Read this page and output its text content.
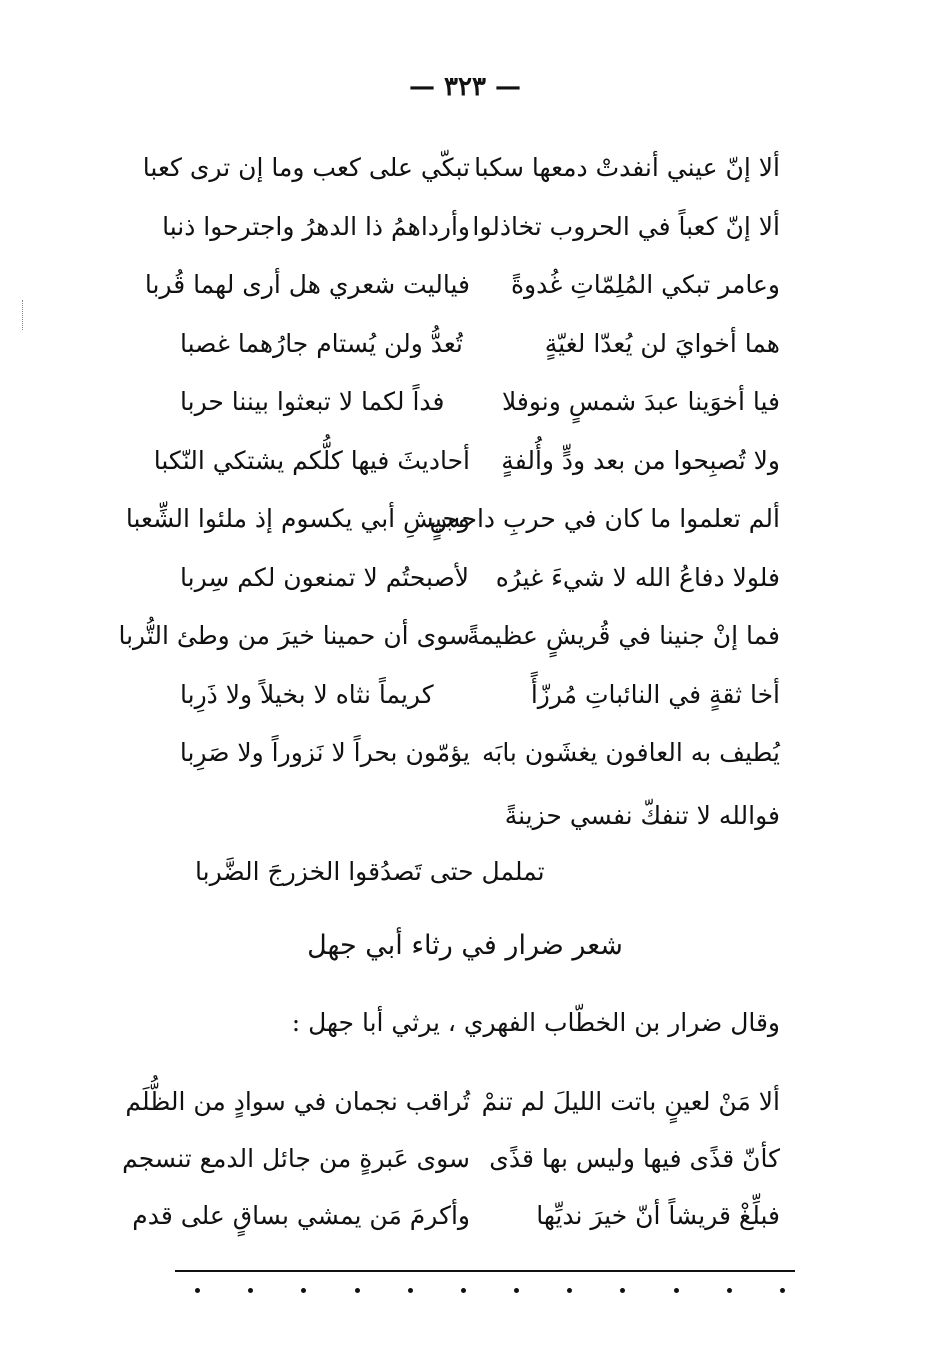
— ٣٢٣ —
ألا إنّ عيني أنفدتْ دمعها سكبا
تبكّي على كعب وما إن ترى كعبا
ألا إنّ كعباً في الحروب تخاذلوا
وأرداهمُ ذا الدهرُ واجترحوا ذنبا
وعامر تبكي المُلِمّاتِ غُدوةً
فياليت شعري هل أرى لهما قُربا
هما أخوايَ لن يُعدّا لغيّةٍ
تُعدُّ ولن يُستام جارُهما غصبا
فيا أخوَينا عبدَ شمسٍ ونوفلا
فداً لكما لا تبعثوا بيننا حربا
ولا تُصبِحوا من بعد ودٍّ وأُلفةٍ
أحاديثَ فيها كلُّكم يشتكي النّكبا
ألم تعلموا ما كان في حربِ داحسٍ
وجيشِ أبي يكسوم إذ ملئوا الشِّعبا
فلولا دفاعُ الله لا شيءَ غيرُه
لأصبحتُم لا تمنعون لكم سِربا
فما إنْ جنينا في قُريشٍ عظيمةً
سوى أن حمينا خيرَ من وطئ التُّربا
أخا ثقةٍ في النائباتِ مُرزّأً
كريماً نثاه لا بخيلاً ولا ذَرِبا
يُطيف به العافون يغشَون بابَه
يؤمّون بحراً لا نَزوراً ولا صَرِبا
فوالله لا تنفكّ نفسي حزينةً
تململ حتى تَصدُقوا الخزرجَ الضَّربا
شعر ضرار في رثاء أبي جهل
وقال ضرار بن الخطّاب الفهري ، يرثي أبا جهل :
ألا مَنْ لعينٍ باتت الليلَ لم تنمْ
تُراقب نجمان في سوادٍ من الظُّلَم
كأنّ قذًى فيها وليس بها قذًى
سوى عَبرةٍ من جائل الدمع تنسجم
فبلِّغْ قريشاً أنّ خيرَ نديِّها
وأكرمَ مَن يمشي بساقٍ على قدم
